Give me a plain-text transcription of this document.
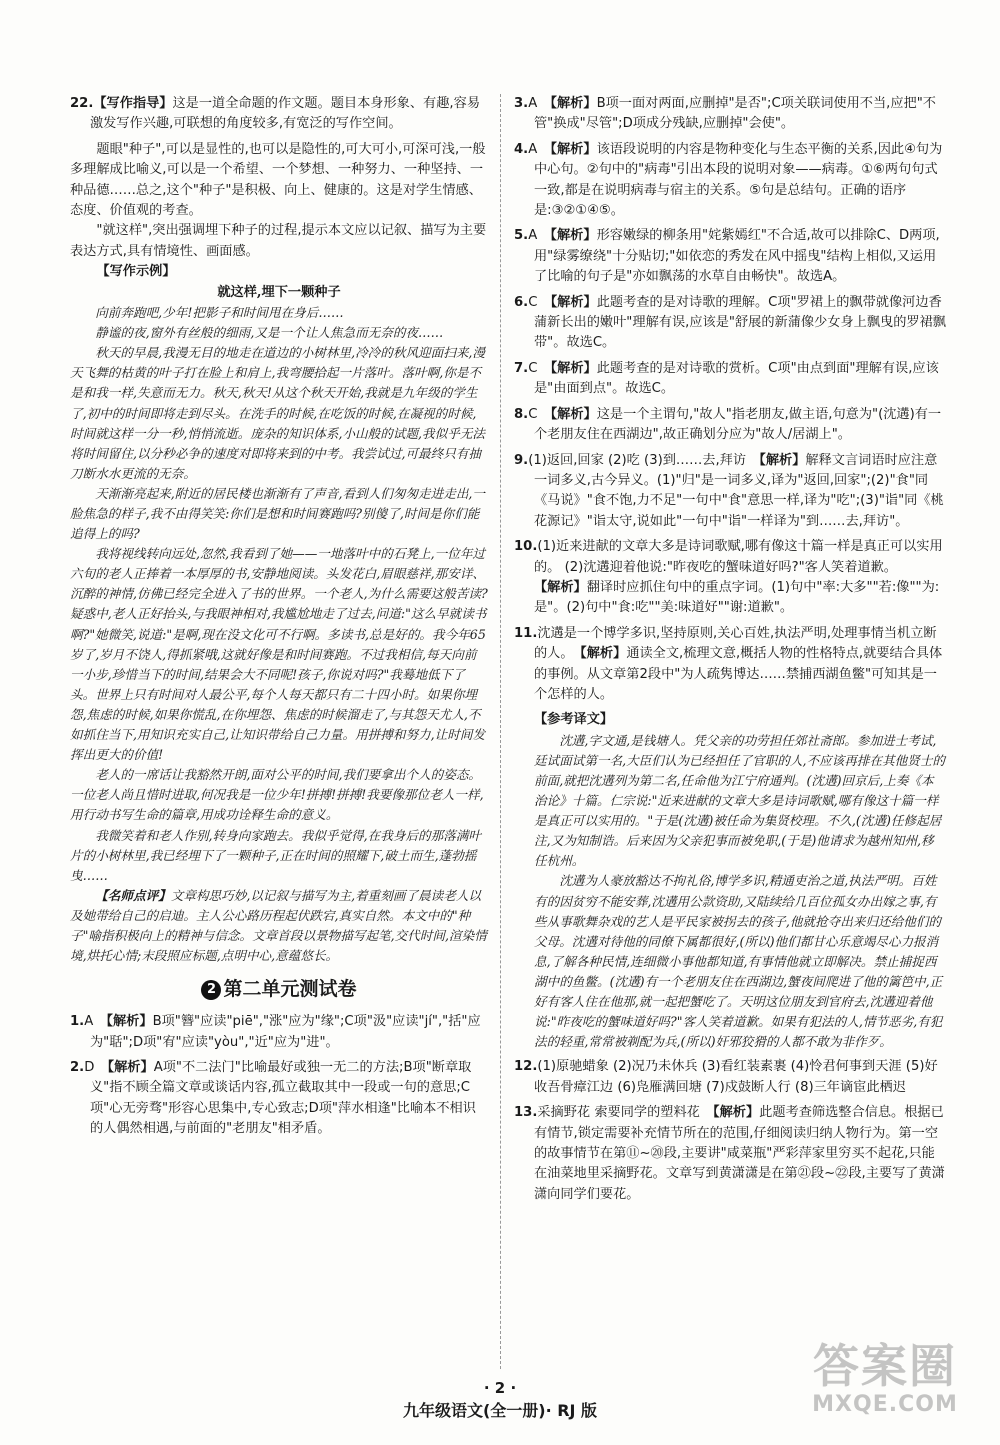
22.【写作指导】这是一道全命题的作文题。题目本身形象、有趣,容易激发写作兴趣,可联想的角度较多,有宽泛的写作空间。

题眼"种子",可以是显性的,也可以是隐性的,可大可小,可深可浅,一般多理解成比喻义,可以是一个希望、一个梦想、一种努力、一种坚持、一种品德……总之,这个"种子"是积极、向上、健康的。这是对学生情感、态度、价值观的考查。

"就这样",突出强调埋下种子的过程,提示本文应以记叙、描写为主要表达方式,具有情境性、画面感。

【写作示例】

就这样,埋下一颗种子

向前奔跑吧,少年!把影子和时间甩在身后……

静谧的夜,窗外有丝般的细雨,又是一个让人焦急而无奈的夜……

秋天的早晨,我漫无目的地走在道边的小树林里,冷冷的秋风迎面扫来,漫天飞舞的枯黄的叶子打在脸上和肩上,我弯腰拾起一片落叶。落叶啊,你是不是和我一样,失意而无力。秋天,秋天!从这个秋天开始,我就是九年级的学生了,初中的时间即将走到尽头。在洗手的时候,在吃饭的时候,在凝视的时候,时间就这样一分一秒,悄悄流逝。庞杂的知识体系,小山般的试题,我似乎无法将时间留住,以分秒必争的速度对即将来到的中考。我尝试过,可最终只有抽刀断水水更流的无奈。

天渐渐亮起来,附近的居民楼也渐渐有了声音,看到人们匆匆走进走出,一脸焦急的样子,我不由得笑笑:你们是想和时间赛跑吗?别傻了,时间是你们能追得上的吗?

我将视线转向远处,忽然,我看到了她——一地落叶中的石凳上,一位年过六旬的老人正捧着一本厚厚的书,安静地阅读。头发花白,眉眼慈祥,那安详、沉醉的神情,仿佛已经完全进入了书的世界。一个老人,为什么需要这般苦读?疑惑中,老人正好抬头,与我眼神相对,我尴尬地走了过去,问道:"这么早就读书啊?"她微笑,说道:"是啊,现在没文化可不行啊。多读书,总是好的。我今年65岁了,岁月不饶人,得抓紧哦,这就好像是和时间赛跑。不过我相信,每天向前一小步,珍惜当下的时间,结果会大不同呢!孩子,你说对吗?"我蓦地低下了头。世界上只有时间对人最公平,每个人每天都只有二十四小时。如果你埋怨,焦虑的时候,如果你慌乱,在你埋怨、焦虑的时候溜走了,与其怨天尤人,不如抓住当下,用知识充实自己,让知识带给自己力量。用拼搏和努力,让时间发挥出更大的价值!

老人的一席话让我豁然开朗,面对公平的时间,我们要拿出个人的姿态。一位老人尚且惜时进取,何况我是一位少年!拼搏!拼搏!我要像那位老人一样,用行动书写生命的篇章,用成功诠释生命的意义。

我微笑着和老人作别,转身向家跑去。我似乎觉得,在我身后的那落满叶片的小树林里,我已经埋下了一颗种子,正在时间的照耀下,破土而生,蓬勃摇曳……

【名师点评】文章构思巧妙,以记叙与描写为主,着重刻画了晨读老人以及她带给自己的启迪。主人公心路历程起伏跌宕,真实自然。本文中的"种子"喻指积极向上的精神与信念。文章首段以景物描写起笔,交代时间,渲染情境,烘托心情;末段照应标题,点明中心,意蕴悠长。

2 第二单元测试卷
1.A　 【解析】B项"簪"应读"piē","涨"应为"缘";C项"汲"应读"jí","括"应为"聒";D项"宥"应读"yòu","近"应为"进"。
2.D　 【解析】A项"不二法门"比喻最好或独一无二的方法;B项"断章取义"指不顾全篇文章或谈话内容,孤立截取其中一段或一句的意思;C项"心无旁骛"形容心思集中,专心致志;D项"萍水相逢"比喻本不相识的人偶然相遇,与前面的"老朋友"相矛盾。
3.A　 【解析】B项一面对两面,应删掉"是否";C项关联词使用不当,应把"不管"换成"尽管";D项成分残缺,应删掉"会使"。
4.A　 【解析】该语段说明的内容是物种变化与生态平衡的关系,因此④句为中心句。②句中的"病毒"引出本段的说明对象——病毒。①⑥两句句式一致,都是在说明病毒与宿主的关系。⑤句是总结句。正确的语序是:③②①④⑤。
5.A　 【解析】形容嫩绿的柳条用"姹紫嫣红"不合适,故可以排除C、D两项,用"绿雾缭绕"十分贴切;"如依恋的秀发在风中摇曳"结构上相似,又运用了比喻的句子是"亦如飘荡的水草自由畅快"。故选A。
6.C　 【解析】此题考查的是对诗歌的理解。C项"罗裙上的飘带就像河边香蒲新长出的嫩叶"理解有误,应该是"舒展的新蒲像少女身上飘曳的罗裙飘带"。故选C。
7.C　 【解析】此题考查的是对诗歌的赏析。C项"由点到面"理解有误,应该是"由面到点"。故选C。
8.C　 【解析】这是一个主谓句,"故人"指老朋友,做主语,句意为"(沈遘)有一个老朋友住在西湖边",故正确划分应为"故人/居湖上"。
9.(1)返回,回家 (2)吃 (3)到……去,拜访　 【解析】解释文言词语时应注意一词多义,古今异义。(1)"归"是一词多义,译为"返回,回家";(2)"食"同《马说》"食不饱,力不足"一句中"食"意思一样,译为"吃";(3)"诣"同《桃花源记》"诣太守,说如此"一句中"诣"一样译为"到……去,拜访"。
10.(1)近来进献的文章大多是诗词歌赋,哪有像这十篇一样是真正可以实用的。 (2)沈遘迎着他说:"昨夜吃的蟹味道好吗?"客人笑着道歉。　【解析】翻译时应抓住句中的重点字词。(1)句中"率:大多""若:像""为:是"。(2)句中"食:吃""美:味道好""谢:道歉"。
11.沈遘是一个博学多识,坚持原则,关心百姓,执法严明,处理事情当机立断的人。　 【解析】通读全文,梳理文意,概括人物的性格特点,就要结合具体的事例。从文章第2段中"为人疏隽博达……禁捕西湖鱼鳖"可知其是一个怎样的人。

【参考译文】

沈遘,字文通,是钱塘人。凭父亲的功劳担任郊社斋郎。参加进士考试,廷试面试第一名,大臣们认为已经担任了官职的人,不应该再排在其他贤士的前面,就把沈遘列为第二名,任命他为江宁府通判。(沈遘)回京后,上奏《本治论》十篇。仁宗说:"近来进献的文章大多是诗词歌赋,哪有像这十篇一样是真正可以实用的。"于是(沈遘)被任命为集贤校理。不久,(沈遘)任修起居注,又为知制诰。后来因为父亲犯事而被免职,(于是)他请求为越州知州,移任杭州。

沈遘为人豪放豁达不拘礼俗,博学多识,精通吏治之道,执法严明。百姓有的因贫穷不能安葬,沈遘用公款资助,又陆续给几百位孤女办出嫁之事,有些从事歌舞杂戏的艺人是平民家被拐去的孩子,他就抢夺出来归还给他们的父母。沈遘对待他的同僚下属都很好,(所以)他们都甘心乐意竭尽心力报消息,了解各种民情,连细微小事他都知道,有事情他就立即解决。禁止捕捉西湖中的鱼鳖。(沈遘)有一个老朋友住在西湖边,蟹夜间爬进了他的篱笆中,正好有客人住在他那,就一起把蟹吃了。天明这位朋友到官府去,沈遘迎着他说:"昨夜吃的蟹味道好吗?"客人笑着道歉。如果有犯法的人,情节恶劣,有犯法的轻重,常常被剃配为兵,(所以)奸邪狡猾的人都不敢为非作歹。

12.(1)原驰蜡象 (2)况乃未休兵 (3)看红装素裹 (4)怜君何事到天涯 (5)好收吾骨瘴江边 (6)凫雁满回塘 (7)戍鼓断人行 (8)三年谪宦此栖迟
13.采摘野花 索要同学的塑料花　 【解析】此题考查筛选整合信息。根据已有情节,锁定需要补充情节所在的范围,仔细阅读归纳人物行为。第一空的故事情节在第⑪~⑳段,主要讲"咸菜瓶"严彩萍家里穷买不起花,只能在油菜地里采摘野花。文章写到黄潇潇是在第㉑段~㉒段,主要写了黄潇潇向同学们要花。
· 2 ·
九年级语文(全一册)· RJ 版
答案圈
MXQE.COM
